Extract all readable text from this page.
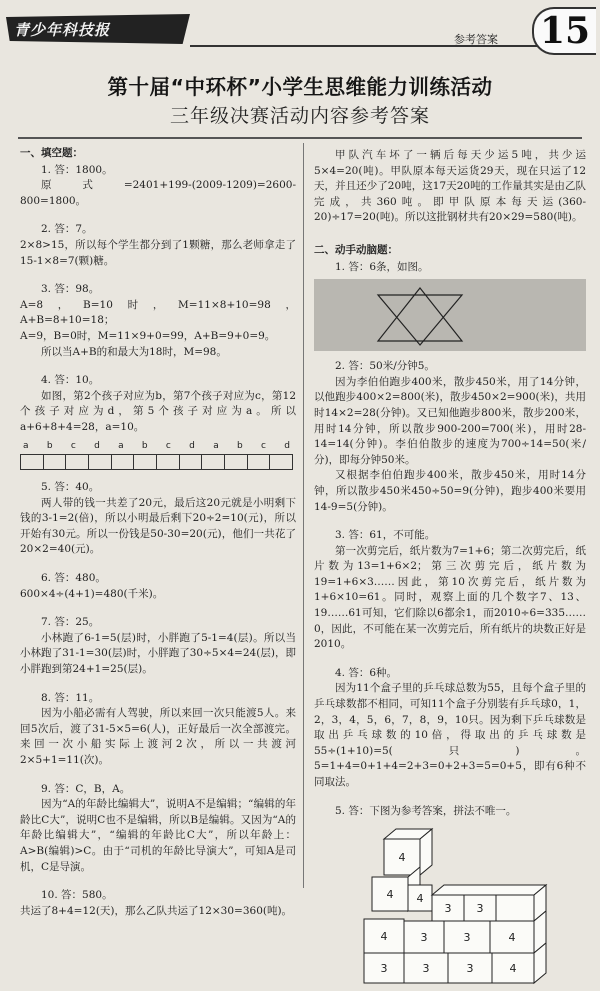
青少年科技报
参考答案 15
第十届“中环杯”小学生思维能力训练活动
三年级决赛活动内容参考答案
一、填空题：

1. 答：1800。

原式=2401+199-(2009-1209)=2600-800=1800。

2. 答：7。

2×8>15，所以每个学生都分到了1颗糖，那么老师拿走了15-1×8=7(颗)糖。

3. 答：98。

A=8，B=10时，M=11×8+10=98，A+B=8+10=18；

A=9，B=0时，M=11×9+0=99，A+B=9+0=9。

所以当A+B的和最大为18时，M=98。

4. 答：10。

如图，第2个孩子对应为b，第7个孩子对应为c，第12个孩子对应为d，第5个孩子对应为a。所以a+6+8+4=28，a=10。

a b c d a b c d a b c d

5. 答：40。

两人带的钱一共差了20元，最后这20元就是小明剩下钱的3-1=2(倍)，所以小明最后剩下20÷2=10(元)，所以开始有30元。所以一份钱是50-30=20(元)，他们一共花了20×2=40(元)。

6. 答：480。

600×4÷(4+1)=480(千米)。

7. 答：25。

小林跑了6-1=5(层)时，小胖跑了5-1=4(层)。所以当小林跑了31-1=30(层)时，小胖跑了30÷5×4=24(层)，即小胖跑到第24+1=25(层)。

8. 答：11。

因为小船必需有人驾驶，所以来回一次只能渡5人。来回5次后，渡了31-5×5=6(人)，正好最后一次全部渡完。来回一次小船实际上渡河2次，所以一共渡河2×5+1=11(次)。

9. 答：C，B，A。

因为“A的年龄比编辑大”，说明A不是编辑；“编辑的年龄比C大”，说明C也不是编辑，所以B是编辑。又因为“A的年龄比编辑大”，“编辑的年龄比C大”，所以年龄上：A>B(编辑)>C。由于“司机的年龄比导演大”，可知A是司机，C是导演。

10. 答：580。

共运了8+4=12(天)，那么乙队共运了12×30=360(吨)。

甲队汽车坏了一辆后每天少运5吨，共少运5×4=20(吨)。甲队原本每天运货29天，现在只运了12天，并且还少了20吨，这17天20吨的工作量其实是由乙队完成，共360吨。即甲队原本每天运(360-20)÷17=20(吨)。所以这批钢材共有20×29=580(吨)。

二、动手动脑题：

1. 答：6条，如图。

2. 答：50米/分钟5。

因为李伯伯跑步400米，散步450米，用了14分钟，以他跑步400×2=800(米)，散步450×2=900(米)，共用时14×2=28(分钟)。又已知他跑步800米，散步200米，用时14分钟，所以散步900-200=700(米)，用时28-14=14(分钟)。李伯伯散步的速度为700÷14=50(米/分)，即每分钟50米。

又根据李伯伯跑步400米，散步450米，用时14分钟，所以散步450米450÷50=9(分钟)，跑步400米要用14-9=5(分钟)。

3. 答：61，不可能。

第一次剪完后，纸片数为7=1+6；第二次剪完后，纸片数为13=1+6×2；第三次剪完后，纸片数为19=1+6×3……因此，第10次剪完后，纸片数为1+6×10=61。同时，观察上面的几个数字7、13、19……61可知，它们除以6都余1，而2010÷6=335……0，因此，不可能在某一次剪完后，所有纸片的块数正好是2010。

4. 答：6种。

因为11个盒子里的乒乓球总数为55，且每个盒子里的乒乓球数都不相同，可知11个盒子分别装有乒乓球0，1，2，3，4，5，6，7，8，9，10只。因为剩下乒乓球数是取出乒乓球数的10倍，得取出的乒乓球数是55÷(1+10)=5(只)。5=1+4=0+1+4=2+3=0+2+3=5=0+5，即有6种不同取法。

5. 答：下图为参考答案，拼法不唯一。

4
4 4
3 3
4	3	3	4
3	3	3	4
